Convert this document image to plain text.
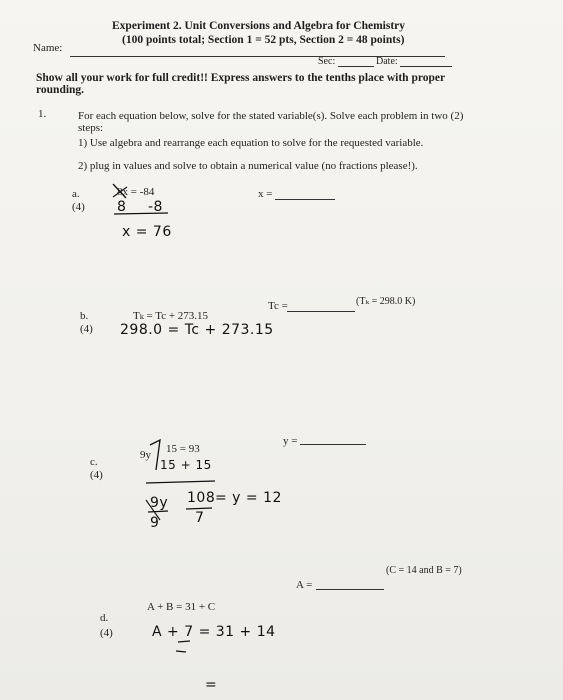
Experiment 2. Unit Conversions and Algebra for Chemistry
(100 points total; Section 1 = 52 pts, Section 2 = 48 points)
Name:
Sec:	Date:
Show all your work for full credit!! Express answers to the tenths place with proper
rounding.
1.	For each equation below, solve for the stated variable(s). Solve each problem in two (2)
steps:
1) Use algebra and rearrange each equation to solve for the requested variable.
2) plug in values and solve to obtain a numerical value (no fractions please!).
a.
(4)
8x = -84	x =
8 -8
x = 76
b.
(4)
Tₖ = Tc + 273.15
Tc =	(Tₖ = 298.0 K)
298.0 = Tc + 273.15
c.
(4)
9y 15 = 93
y =
15 + 15
9y
9
108
7
= y = 12
d.
(4)
A + B = 31 + C
A =
(C = 14 and B = 7)
A + 7 = 31 + 14
=
